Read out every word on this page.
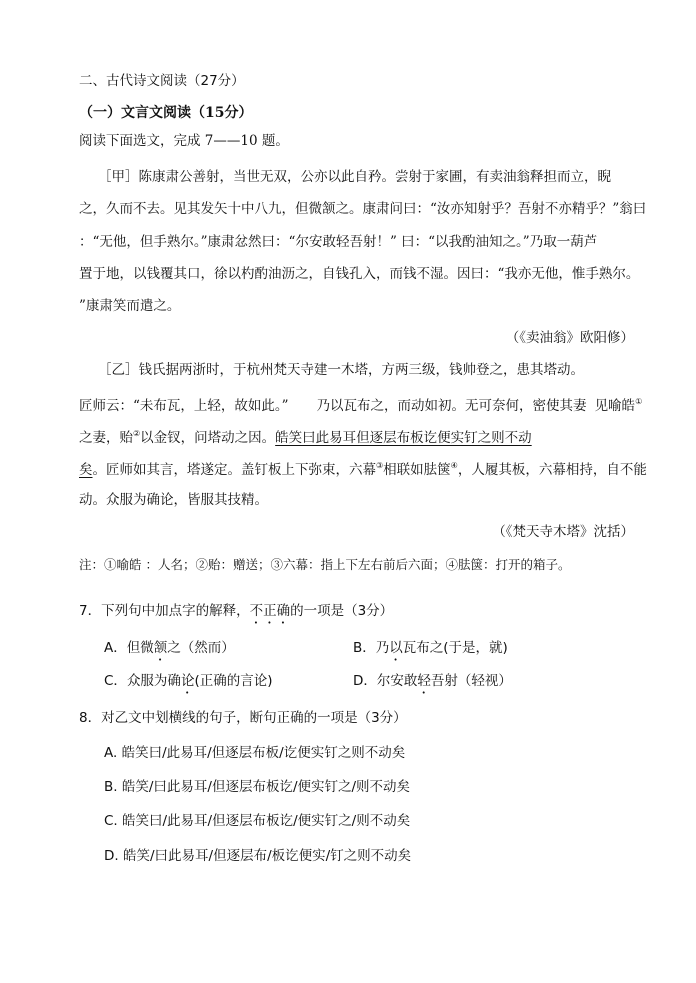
二、古代诗文阅读（27分）
（一）文言文阅读（15分）
阅读下面选文，完成 7——10 题。
［甲］陈康肃公善射，当世无双，公亦以此自矜。尝射于家圃，有卖油翁释担而立，睨
之，久而不去。见其发矢十中八九，但微颔之。康肃问曰：“汝亦知射乎？吾射不亦精乎？”翁曰
：“无他，但手熟尔。”康肃忿然曰：“尔安敢轻吾射！” 曰：“以我酌油知之。”乃取一葫芦
置于地，以钱覆其口，徐以杓酌油沥之，自钱孔入，而钱不湿。因曰：“我亦无他，惟手熟尔。
”康肃笑而遣之。
（《卖油翁》欧阳修）
［乙］钱氏据两浙时，于杭州梵天寺建一木塔，方两三级，钱帅登之，患其塔动。
匠师云：“未布瓦，上轻，故如此。” 乃以瓦布之，而动如初。无可奈何，密使其妻 见喻皓①
之妻，贻②以金钗，问塔动之因。皓笑曰此易耳但逐层布板讫便实钉之则不动
矣。匠师如其言，塔遂定。盖钉板上下弥束，六幕③相联如胠箧④，人履其板，六幕相持，自不能
动。众服为确论，皆服其技精。
（《梵天寺木塔》沈括）
注：①喻皓 ：人名；②贻：赠送；③六幕：指上下左右前后六面；④胠箧：打开的箱子。
7．下列句中加点字的解释，不正确的一项是（3分）
A．但微颔之（然而）	B．乃以瓦布之(于是，就)
C．众服为确论(正确的言论)	D．尔安敢轻吾射（轻视）
8．对乙文中划横线的句子，断句正确的一项是（3分）
A. 皓笑曰/此易耳/但逐层布板/讫便实钉之则不动矣
B. 皓笑/曰此易耳/但逐层布板讫/便实钉之/则不动矣
C. 皓笑曰/此易耳/但逐层布板讫/便实钉之/则不动矣
D. 皓笑/曰此易耳/但逐层布/板讫便实/钉之则不动矣
